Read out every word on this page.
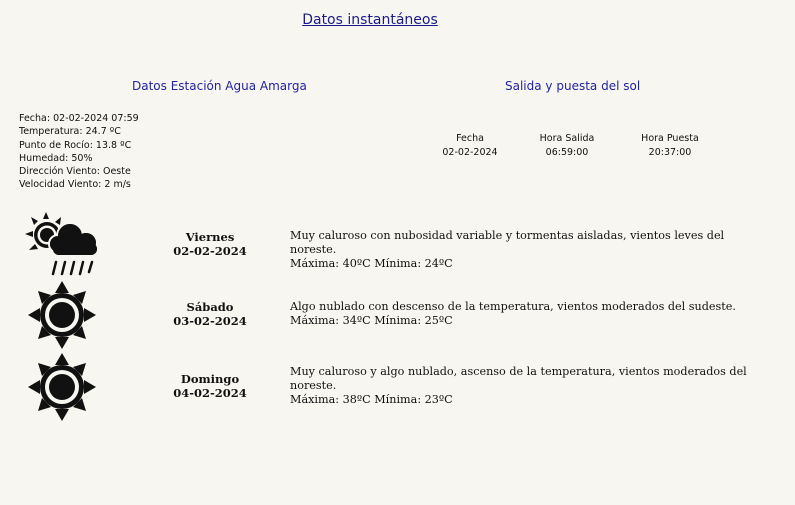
Datos instantáneos
Datos Estación Agua Amarga	Salida y puesta del sol
Fecha: 02-02-2024 07:59
Temperatura: 24.7 ºC
Punto de Rocío: 13.8 ºC
Humedad: 50%
Dirección Viento: Oeste
Velocidad Viento: 2 m/s
Fecha
02-02-2024
Hora Salida
06:59:00
Hora Puesta
20:37:00
Viernes
02-02-2024
Muy caluroso con nubosidad variable y tormentas aisladas, vientos leves del noreste.
Máxima: 40ºC Mínima: 24ºC
Sábado
03-02-2024
Algo nublado con descenso de la temperatura, vientos moderados del sudeste.
Máxima: 34ºC Mínima: 25ºC
Domingo
04-02-2024
Muy caluroso y algo nublado, ascenso de la temperatura, vientos moderados del noreste.
Máxima: 38ºC Mínima: 23ºC
